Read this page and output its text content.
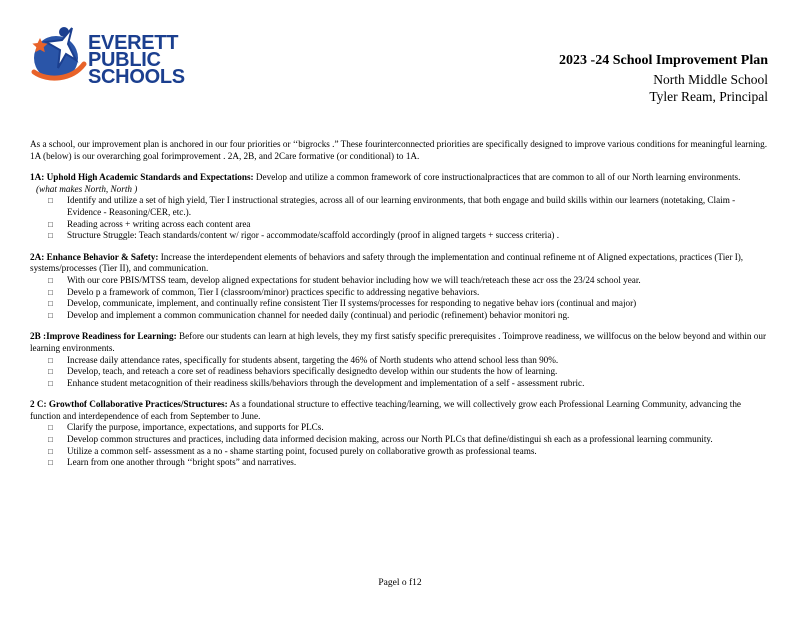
EVERETT
PUBLIC
SCHOOLS
2023 -24 School Improvement Plan
North Middle School
Tyler Ream, Principal

As a school, our improvement plan is anchored in our four priorities or ‘‘bigrocks .” These fourinterconnected priorities are specifically designed to improve various conditions for meaningful learning. 1A (below) is our overarching goal forimprovement . 2A, 2B, and 2Care formative (or conditional) to 1A.

1A: Uphold High Academic Standards and Expectations: Develop and utilize a common framework of core instructionalpractices that are common to all of our North learning environments.

(what makes North, North )

□ Identify and utilize a set of high yield, Tier I instructional strategies, across all of our learning environments, that both engage and build skills within our learners (notetaking, Claim - Evidence - Reasoning/CER, etc.).
□ Reading across + writing across each content area
□ Structure Struggle: Teach standards/content w/ rigor - accommodate/scaffold accordingly (proof in aligned targets + success criteria) .

2A: Enhance Behavior & Safety: Increase the interdependent elements of behaviors and safety through the implementation and continual refineme nt of Aligned expectations, practices (Tier I), systems/processes (Tier II), and communication.

□ With our core PBIS/MTSS team, develop aligned expectations for student behavior including how we will teach/reteach these acr oss the 23/24 school year.
□ Develo p a framework of common, Tier I (classroom/minor) practices specific to addressing negative behaviors.
□ Develop, communicate, implement, and continually refine consistent Tier II systems/processes for responding to negative behav iors (continual and major)
□ Develop and implement a common communication channel for needed daily (continual) and periodic (refinement) behavior monitori ng.

2B :Improve Readiness for Learning: Before our students can learn at high levels, they my first satisfy specific prerequisites . Toimprove readiness, we willfocus on the below beyond and within our learning environments.

□ Increase daily attendance rates, specifically for students absent, targeting the 46% of North students who attend school less than 90%.
□ Develop, teach, and reteach a core set of readiness behaviors specifically designedto develop within our students the how of learning.
□ Enhance student metacognition of their readiness skills/behaviors through the development and implementation of a self - assessment rubric.

2 C: Growthof Collaborative Practices/Structures: As a foundational structure to effective teaching/learning, we will collectively grow each Professional Learning Community, advancing the function and interdependence of each from September to June.

□ Clarify the purpose, importance, expectations, and supports for PLCs.
□ Develop common structures and practices, including data informed decision making, across our North PLCs that define/distingui sh each as a professional learning community.
□ Utilize a common self- assessment as a no - shame starting point, focused purely on collaborative growth as professional teams.
□ Learn from one another through ‘‘bright spots” and narratives.
Pagel o f12
